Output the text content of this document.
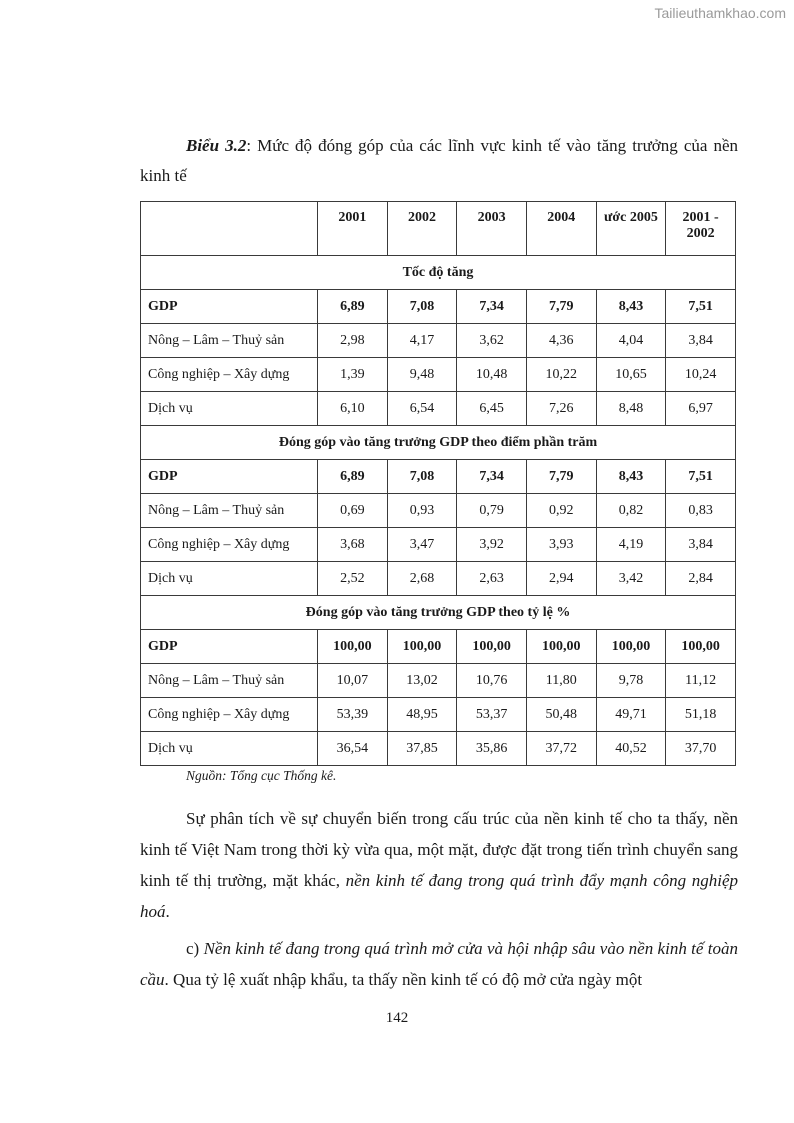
Tailieuthamkhao.com
Biểu 3.2: Mức độ đóng góp của các lĩnh vực kinh tế vào tăng trưởng của nền kinh tế
	2001	2002	2003	2004	ước 2005	2001 - 2002
Tốc độ tăng						
GDP	6,89	7,08	7,34	7,79	8,43	7,51
Nông – Lâm – Thuỷ sản	2,98	4,17	3,62	4,36	4,04	3,84
Công nghiệp – Xây dựng	1,39	9,48	10,48	10,22	10,65	10,24
Dịch vụ	6,10	6,54	6,45	7,26	8,48	6,97
Đóng góp vào tăng trưởng GDP theo điểm phần trăm						
GDP	6,89	7,08	7,34	7,79	8,43	7,51
Nông – Lâm – Thuỷ sản	0,69	0,93	0,79	0,92	0,82	0,83
Công nghiệp – Xây dựng	3,68	3,47	3,92	3,93	4,19	3,84
Dịch vụ	2,52	2,68	2,63	2,94	3,42	2,84
Đóng góp vào tăng trưởng GDP theo tỷ lệ %						
GDP	100,00	100,00	100,00	100,00	100,00	100,00
Nông – Lâm – Thuỷ sản	10,07	13,02	10,76	11,80	9,78	11,12
Công nghiệp – Xây dựng	53,39	48,95	53,37	50,48	49,71	51,18
Dịch vụ	36,54	37,85	35,86	37,72	40,52	37,70
Nguồn: Tổng cục Thống kê.

Sự phân tích về sự chuyển biến trong cấu trúc của nền kinh tế cho ta thấy, nền kinh tế Việt Nam trong thời kỳ vừa qua, một mặt, được đặt trong tiến trình chuyển sang kinh tế thị trường, mặt khác, nền kinh tế đang trong quá trình đẩy mạnh công nghiệp hoá.

c) Nền kinh tế đang trong quá trình mở cửa và hội nhập sâu vào nền kinh tế toàn cầu. Qua tỷ lệ xuất nhập khẩu, ta thấy nền kinh tế có độ mở cửa ngày một

142
